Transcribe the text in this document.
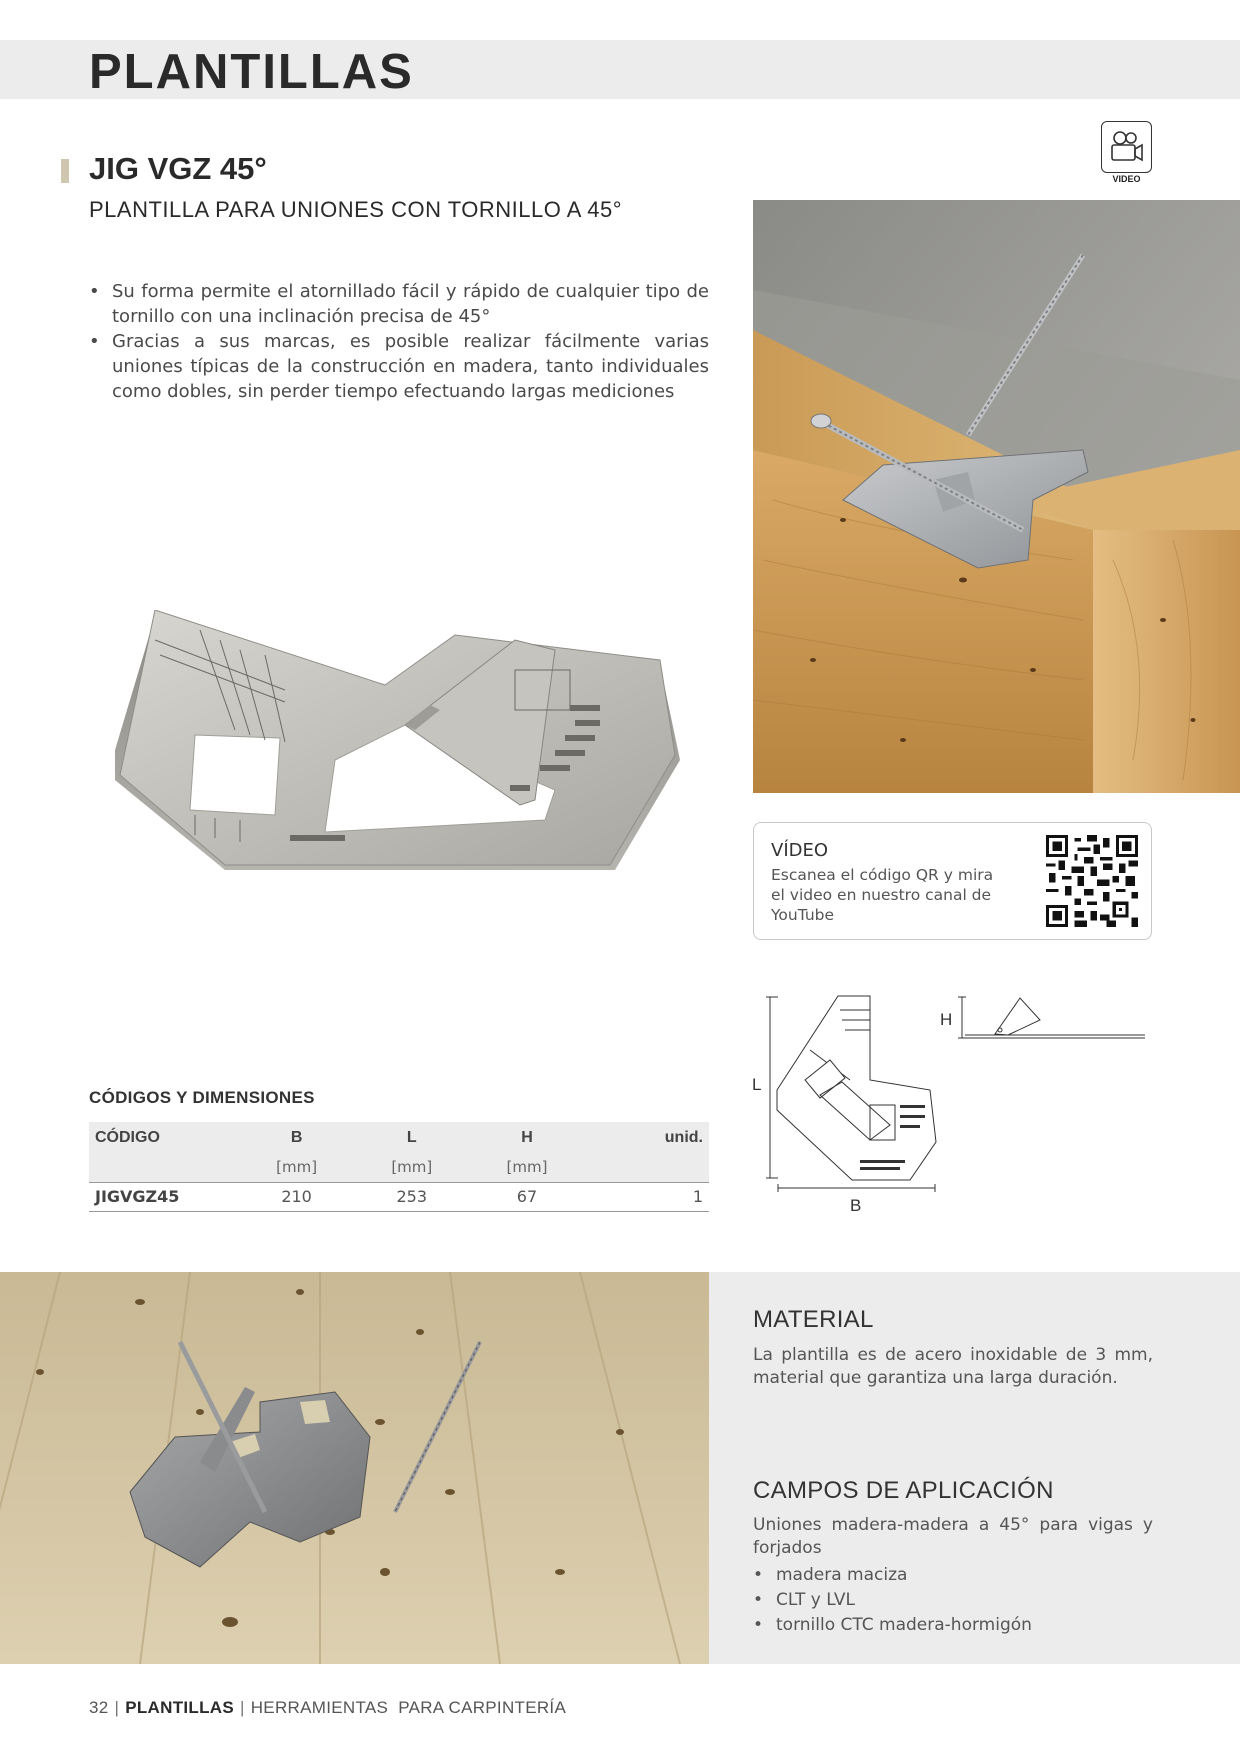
PLANTILLAS
JIG VGZ 45°
PLANTILLA PARA UNIONES CON TORNILLO A 45°
VIDEO
• Su forma permite el atornillado fácil y rápido de cualquier tipo de tornillo con una inclinación precisa de 45°
• Gracias a sus marcas, es posible realizar fácilmente varias uniones típicas de la construcción en madera, tanto individuales como dobles, sin perder tiempo efectuando largas mediciones
VÍDEO
Escanea el código QR y mira el video en nuestro canal de YouTube
L
B
H
CÓDIGOS Y DIMENSIONES
CÓDIGO	B	L	H	unid.
	[mm]	[mm]	[mm]	
JIGVGZ45	210	253	67	1
MATERIAL
La plantilla es de acero inoxidable de 3 mm, material que garantiza una larga duración.
CAMPOS DE APLICACIÓN
Uniones madera-madera a 45° para vigas y forjados
• madera maciza
• CLT y LVL
• tornillo CTC madera-hormigón
32 | PLANTILLAS | HERRAMIENTAS  PARA CARPINTERÍA
